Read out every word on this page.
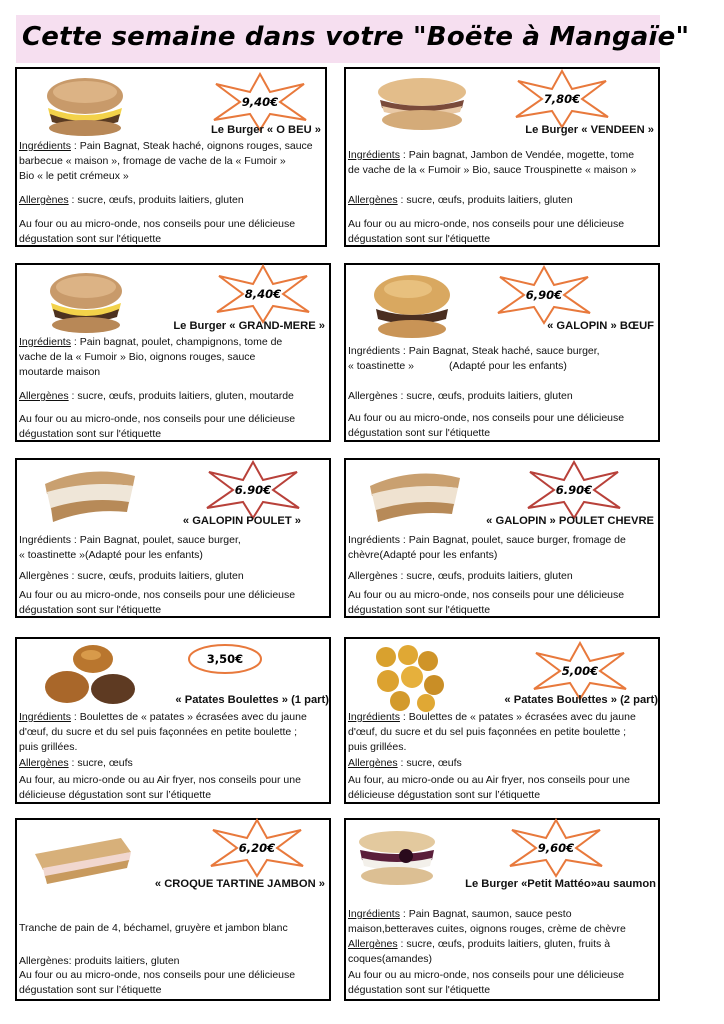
Cette semaine dans votre "Boëte à Mangaïe"
9,40€
Le Burger « O BEU »
Ingrédients : Pain Bagnat, Steak haché, oignons rouges, sauce
barbecue « maison », fromage de vache de la « Fumoir »
Bio « le petit crémeux »
Allergènes : sucre, œufs, produits laitiers, gluten
Au four ou au micro-onde, nos conseils pour une délicieuse
dégustation sont sur l'étiquette
7,80€
Le Burger « VENDEEN »
Ingrédients : Pain bagnat, Jambon de Vendée, mogette, tome
de vache de la « Fumoir » Bio, sauce Trouspinette « maison »
Allergènes : sucre, œufs, produits laitiers, gluten
Au four ou au micro-onde, nos conseils pour une délicieuse
dégustation sont sur l'étiquette
8,40€
Le Burger « GRAND-MERE »
Ingrédients : Pain bagnat, poulet, champignons, tome de
vache de la « Fumoir » Bio, oignons rouges, sauce
moutarde maison
Allergènes : sucre, œufs, produits laitiers, gluten, moutarde
Au four ou au micro-onde, nos conseils pour une délicieuse
dégustation sont sur l'étiquette
6,90€
« GALOPIN » BŒUF
Ingrédients : Pain Bagnat, Steak haché, sauce burger,
« toastinette »            (Adapté pour les enfants)
Allergènes : sucre, œufs, produits laitiers, gluten
Au four ou au micro-onde, nos conseils pour une délicieuse
dégustation sont sur l'étiquette
6.90€
« GALOPIN POULET »
Ingrédients : Pain Bagnat, poulet, sauce burger,
« toastinette »(Adapté pour les enfants)
Allergènes : sucre, œufs, produits laitiers, gluten
Au four ou au micro-onde, nos conseils pour une délicieuse
dégustation sont sur l'étiquette
6.90€
« GALOPIN » POULET CHEVRE
Ingrédients : Pain Bagnat, poulet, sauce burger, fromage de
chèvre(Adapté pour les enfants)
Allergènes : sucre, œufs, produits laitiers, gluten
Au four ou au micro-onde, nos conseils pour une délicieuse
dégustation sont sur l'étiquette
3,50€
« Patates Boulettes » (1 part)
Ingrédients : Boulettes de « patates » écrasées avec du jaune
d'œuf, du sucre et du sel puis façonnées en petite boulette ;
puis grillées.
Allergènes : sucre, œufs
Au four, au micro-onde ou au Air fryer, nos conseils pour une
délicieuse dégustation sont sur l’étiquette
5,00€
« Patates Boulettes » (2 part)
Ingrédients : Boulettes de « patates » écrasées avec du jaune
d'œuf, du sucre et du sel puis façonnées en petite boulette ;
puis grillées.
Allergènes : sucre, œufs
Au four, au micro-onde ou au Air fryer, nos conseils pour une
délicieuse dégustation sont sur l’étiquette
6,20€
« CROQUE TARTINE JAMBON »
Tranche de pain de 4, béchamel, gruyère et jambon blanc
Allergènes: produits laitiers, gluten
Au four ou au micro-onde, nos conseils pour une délicieuse
dégustation sont sur l’étiquette
9,60€
Le Burger «Petit Mattéo»au saumon
Ingrédients : Pain Bagnat, saumon, sauce pesto
maison,betteraves cuites, oignons rouges, crème de chèvre
Allergènes : sucre, œufs, produits laitiers, gluten, fruits à
coques(amandes)
Au four ou au micro-onde, nos conseils pour une délicieuse
dégustation sont sur l'étiquette
